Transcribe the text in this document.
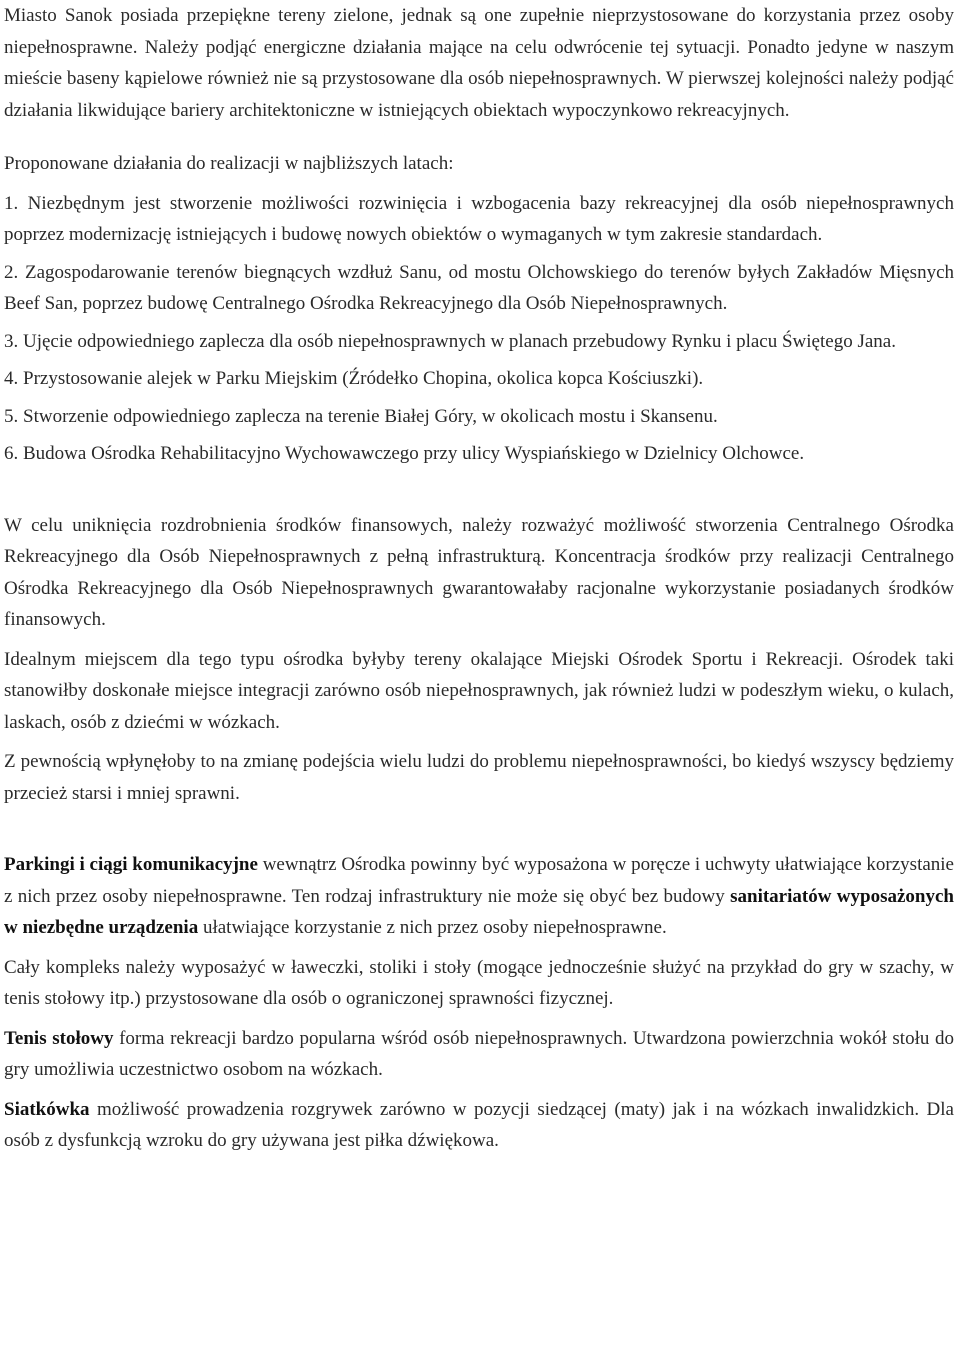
Miasto Sanok posiada przepiękne tereny zielone, jednak są one zupełnie nieprzystosowane do korzystania przez osoby niepełnosprawne. Należy podjąć energiczne działania mające na celu odwrócenie tej sytuacji. Ponadto jedyne w naszym mieście baseny kąpielowe również nie są przystosowane dla osób niepełnosprawnych. W pierwszej kolejności należy podjąć działania likwidujące bariery architektoniczne w istniejących obiektach wypoczynkowo rekreacyjnych.

Proponowane działania do realizacji w najbliższych latach:

1. Niezbędnym jest stworzenie możliwości rozwinięcia i wzbogacenia bazy rekreacyjnej dla osób niepełnosprawnych poprzez modernizację istniejących i budowę nowych obiektów o wymaganych w tym zakresie standardach.

2. Zagospodarowanie terenów biegnących wzdłuż Sanu, od mostu Olchowskiego do terenów byłych Zakładów Mięsnych Beef San, poprzez budowę Centralnego Ośrodka Rekreacyjnego dla Osób Niepełnosprawnych.

3. Ujęcie odpowiedniego zaplecza dla osób niepełnosprawnych w planach przebudowy Rynku i placu Świętego Jana.

4. Przystosowanie alejek w Parku Miejskim (Źródełko Chopina, okolica kopca Kościuszki).

5. Stworzenie odpowiedniego zaplecza na terenie Białej Góry, w okolicach mostu i Skansenu.

6. Budowa Ośrodka Rehabilitacyjno Wychowawczego przy ulicy Wyspiańskiego w Dzielnicy Olchowce.

W celu uniknięcia rozdrobnienia środków finansowych, należy rozważyć możliwość stworzenia Centralnego Ośrodka Rekreacyjnego dla Osób Niepełnosprawnych z pełną infrastrukturą. Koncentracja środków przy realizacji Centralnego Ośrodka Rekreacyjnego dla Osób Niepełnosprawnych gwarantowałaby racjonalne wykorzystanie posiadanych środków finansowych.

Idealnym miejscem dla tego typu ośrodka byłyby tereny okalające Miejski Ośrodek Sportu i Rekreacji. Ośrodek taki stanowiłby doskonałe miejsce integracji zarówno osób niepełnosprawnych, jak również ludzi w podeszłym wieku, o kulach, laskach, osób z dziećmi w wózkach.

Z pewnością wpłynęłoby to na zmianę podejścia wielu ludzi do problemu niepełnosprawności, bo kiedyś wszyscy będziemy przecież starsi i mniej sprawni.

Parkingi i ciągi komunikacyjne wewnątrz Ośrodka powinny być wyposażona w poręcze i uchwyty ułatwiające korzystanie z nich przez osoby niepełnosprawne. Ten rodzaj infrastruktury nie może się obyć bez budowy sanitariatów wyposażonych w niezbędne urządzenia ułatwiające korzystanie z nich przez osoby niepełnosprawne.

Cały kompleks należy wyposażyć w ławeczki, stoliki i stoły (mogące jednocześnie służyć na przykład do gry w szachy, w tenis stołowy itp.) przystosowane dla osób o ograniczonej sprawności fizycznej.

Tenis stołowy forma rekreacji bardzo popularna wśród osób niepełnosprawnych. Utwardzona powierzchnia wokół stołu do gry umożliwia uczestnictwo osobom na wózkach.

Siatkówka możliwość prowadzenia rozgrywek zarówno w pozycji siedzącej (maty) jak i na wózkach inwalidzkich. Dla osób z dysfunkcją wzroku do gry używana jest piłka dźwiękowa.
